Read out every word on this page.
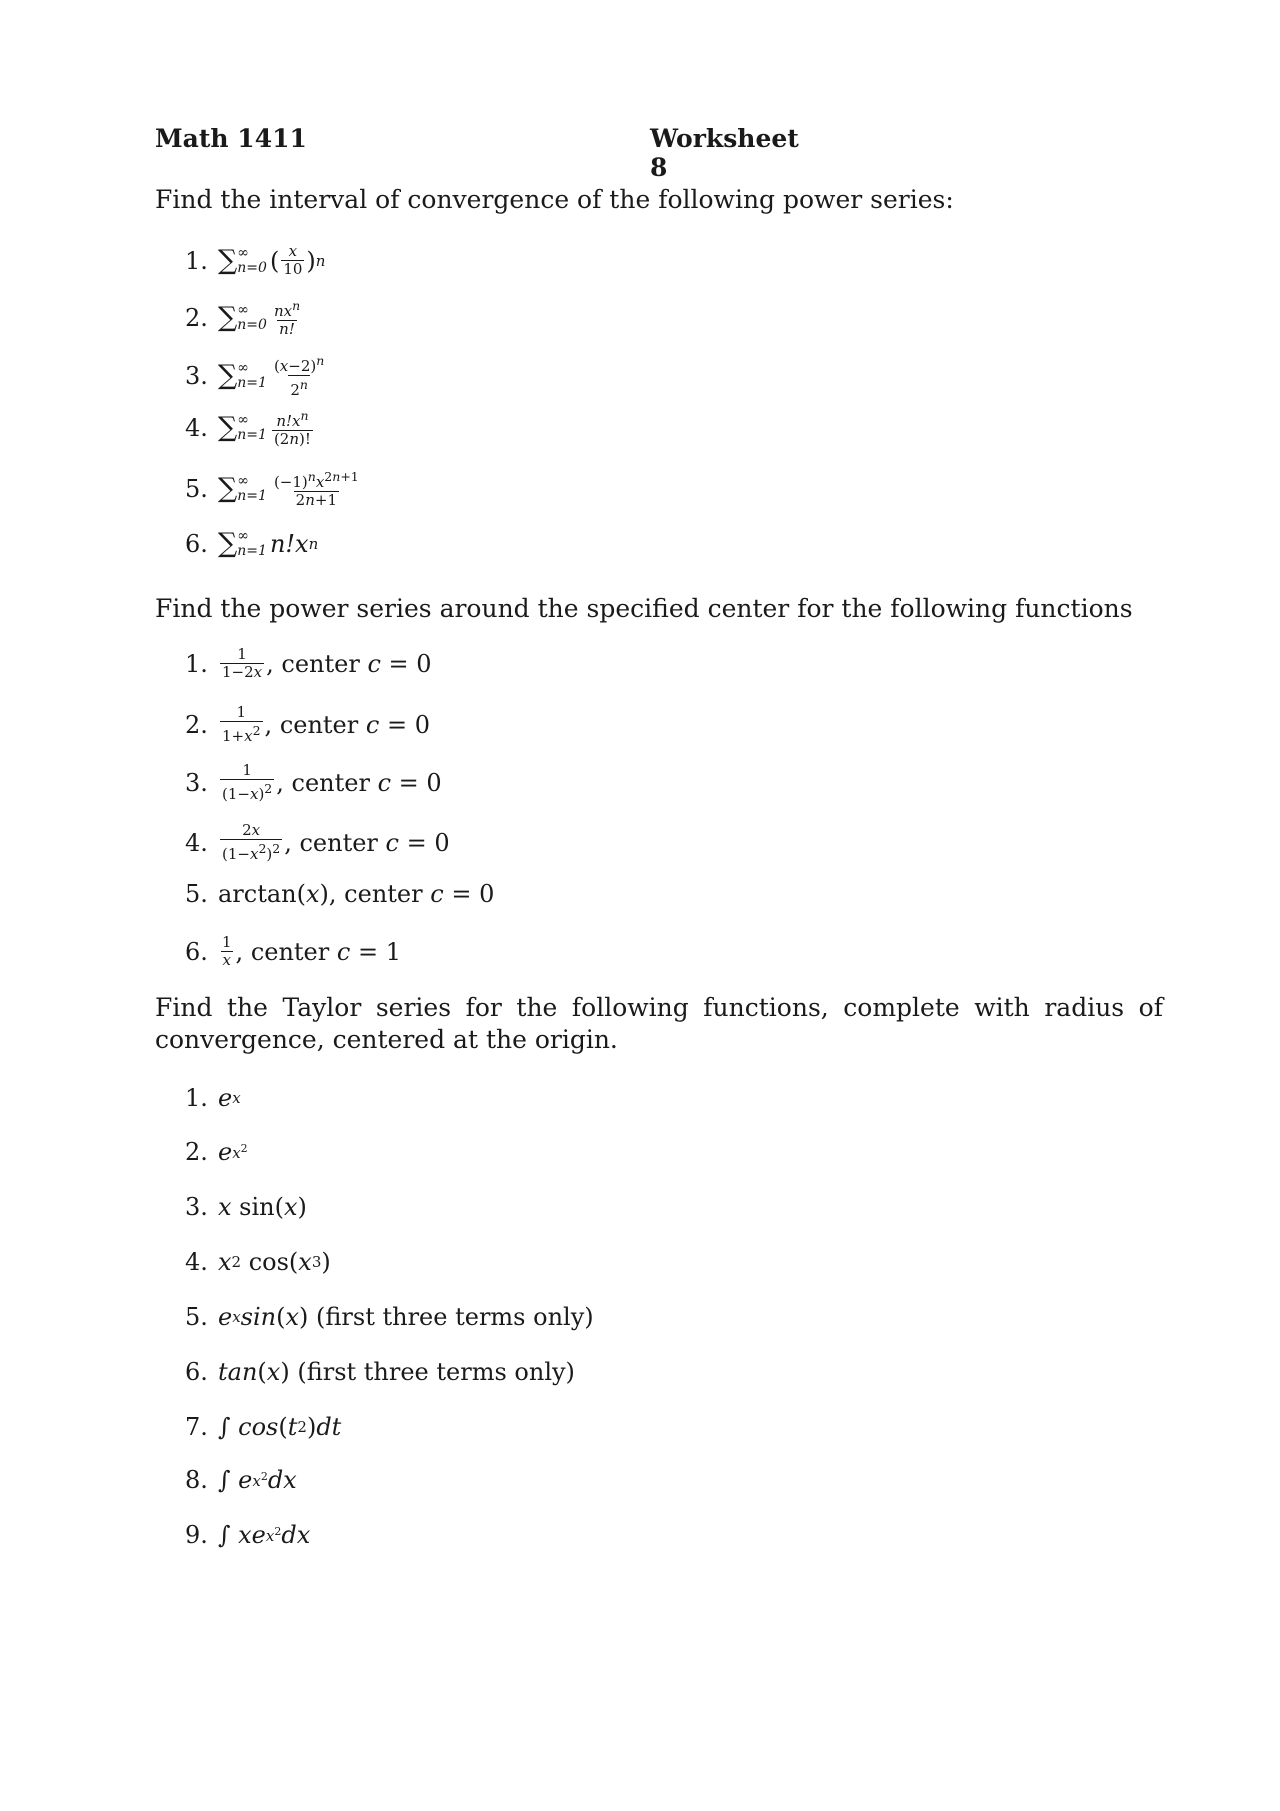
Math 1411	Worksheet 8
Find the interval of convergence of the following power series:
1. ∑ ∞
n=0 ( $\frac{x}{10}$ ) n
2. ∑ ∞
$n=0 \frac{nx^n}{n!}$
3. ∑ ∞
$n=1 \frac{(x-2)^n}{2^n}$
4. ∑ ∞
$n=1 \frac{n!x^n}{(2n)!}$
5. ∑ ∞
$n=1 \frac{(-1)^nx^{2n+1}}{2n+1}$
6. ∑ ∞
n=1 n!x n
Find the power series around the specified center for the following functions
1. $\frac{1}{1-2x}$ , center
c = 0
2. $\frac{1}{1+x^2}$ , center
c = 0
3. $\frac{1}{(1-x)^2}$ , center
c = 0
4. $\frac{2x}{(1-x^2)^2}$ , center
c = 0
5. arctan( x ), center
c = 0
6. $\frac{1}{x}$ , center
c = 1
Find the Taylor series for the following functions, complete with radius of convergence, centered at the origin.
1. e x
2. e $x^2$
3. x sin( x )
4. x 2 cos( x 3 )
5. e x sin ( x ) (first three terms only)
6. tan ( x ) (first three terms only)
7. ∫ cos ( t 2 ) dt
8. ∫ e $x^2$ dx
9. ∫ xe $x^2$ dx
